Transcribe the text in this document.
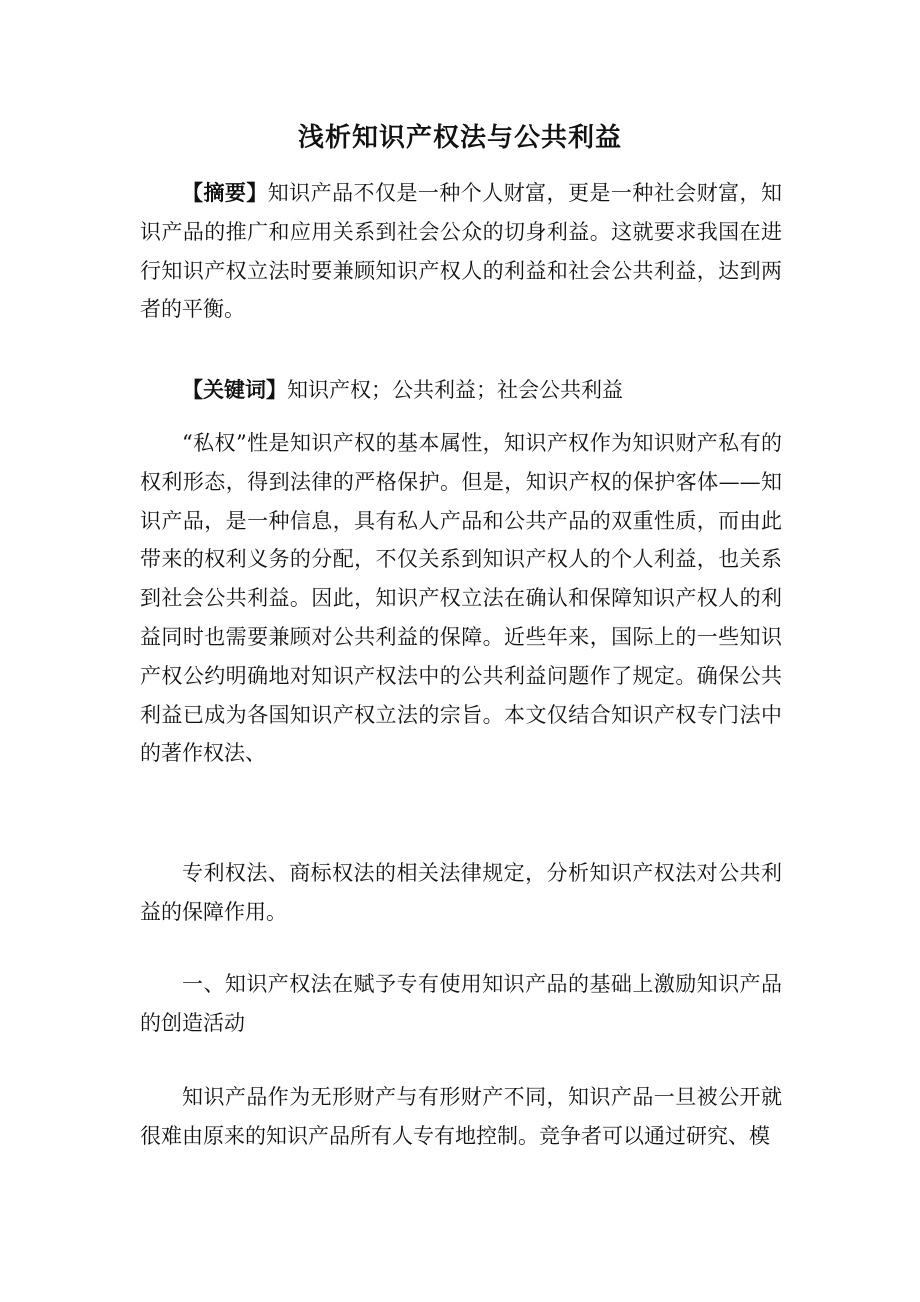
浅析知识产权法与公共利益

【摘要】知识产品不仅是一种个人财富，更是一种社会财富，知识产品的推广和应用关系到社会公众的切身利益。这就要求我国在进行知识产权立法时要兼顾知识产权人的利益和社会公共利益，达到两者的平衡。

【关键词】知识产权；公共利益；社会公共利益

“私权”性是知识产权的基本属性，知识产权作为知识财产私有的权利形态，得到法律的严格保护。但是，知识产权的保护客体——知识产品，是一种信息，具有私人产品和公共产品的双重性质，而由此带来的权利义务的分配，不仅关系到知识产权人的个人利益，也关系到社会公共利益。因此，知识产权立法在确认和保障知识产权人的利益同时也需要兼顾对公共利益的保障。近些年来，国际上的一些知识产权公约明确地对知识产权法中的公共利益问题作了规定。确保公共利益已成为各国知识产权立法的宗旨。本文仅结合知识产权专门法中的著作权法、

专利权法、商标权法的相关法律规定，分析知识产权法对公共利益的保障作用。

一、知识产权法在赋予专有使用知识产品的基础上激励知识产品的创造活动

知识产品作为无形财产与有形财产不同，知识产品一旦被公开就很难由原来的知识产品所有人专有地控制。竞争者可以通过研究、模
